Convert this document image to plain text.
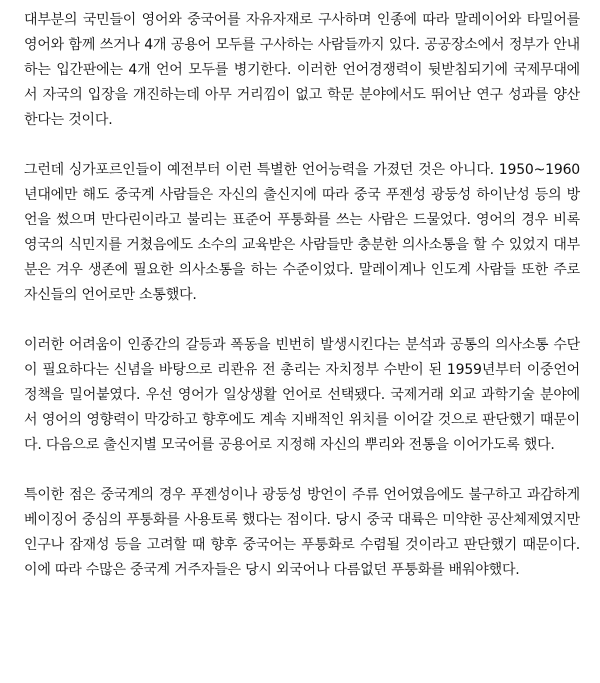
대부분의 국민들이 영어와 중국어를 자유자재로 구사하며 인종에 따라 말레이어와 타밀어를 영어와 함께 쓰거나 4개 공용어 모두를 구사하는 사람들까지 있다. 공공장소에서 정부가 안내하는 입간판에는 4개 언어 모두를 병기한다. 이러한 언어경쟁력이 뒷받침되기에 국제무대에서 자국의 입장을 개진하는데 아무 거리낌이 없고 학문 분야에서도 뛰어난 연구 성과를 양산한다는 것이다.

그런데 싱가포르인들이 예전부터 이런 특별한 언어능력을 가졌던 것은 아니다. 1950~1960년대에만 해도 중국계 사람들은 자신의 출신지에 따라 중국 푸젠성 광둥성 하이난성 등의 방언을 썼으며 만다린이라고 불리는 표준어 푸퉁화를 쓰는 사람은 드물었다. 영어의 경우 비록 영국의 식민지를 거쳤음에도 소수의 교육받은 사람들만 충분한 의사소통을 할 수 있었지 대부분은 겨우 생존에 필요한 의사소통을 하는 수준이었다. 말레이계나 인도계 사람들 또한 주로 자신들의 언어로만 소통했다.

이러한 어려움이 인종간의 갈등과 폭동을 빈번히 발생시킨다는 분석과 공통의 의사소통 수단이 필요하다는 신념을 바탕으로 리콴유 전 총리는 자치정부 수반이 된 1959년부터 이중언어정책을 밀어붙였다. 우선 영어가 일상생활 언어로 선택됐다. 국제거래 외교 과학기술 분야에서 영어의 영향력이 막강하고 향후에도 계속 지배적인 위치를 이어갈 것으로 판단했기 때문이다. 다음으로 출신지별 모국어를 공용어로 지정해 자신의 뿌리와 전통을 이어가도록 했다.

특이한 점은 중국계의 경우 푸젠성이나 광둥성 방언이 주류 언어였음에도 불구하고 과감하게 베이징어 중심의 푸퉁화를 사용토록 했다는 점이다. 당시 중국 대륙은 미약한 공산체제였지만 인구나 잠재성 등을 고려할 때 향후 중국어는 푸퉁화로 수렴될 것이라고 판단했기 때문이다. 이에 따라 수많은 중국계 거주자들은 당시 외국어나 다름없던 푸퉁화를 배워야했다.
